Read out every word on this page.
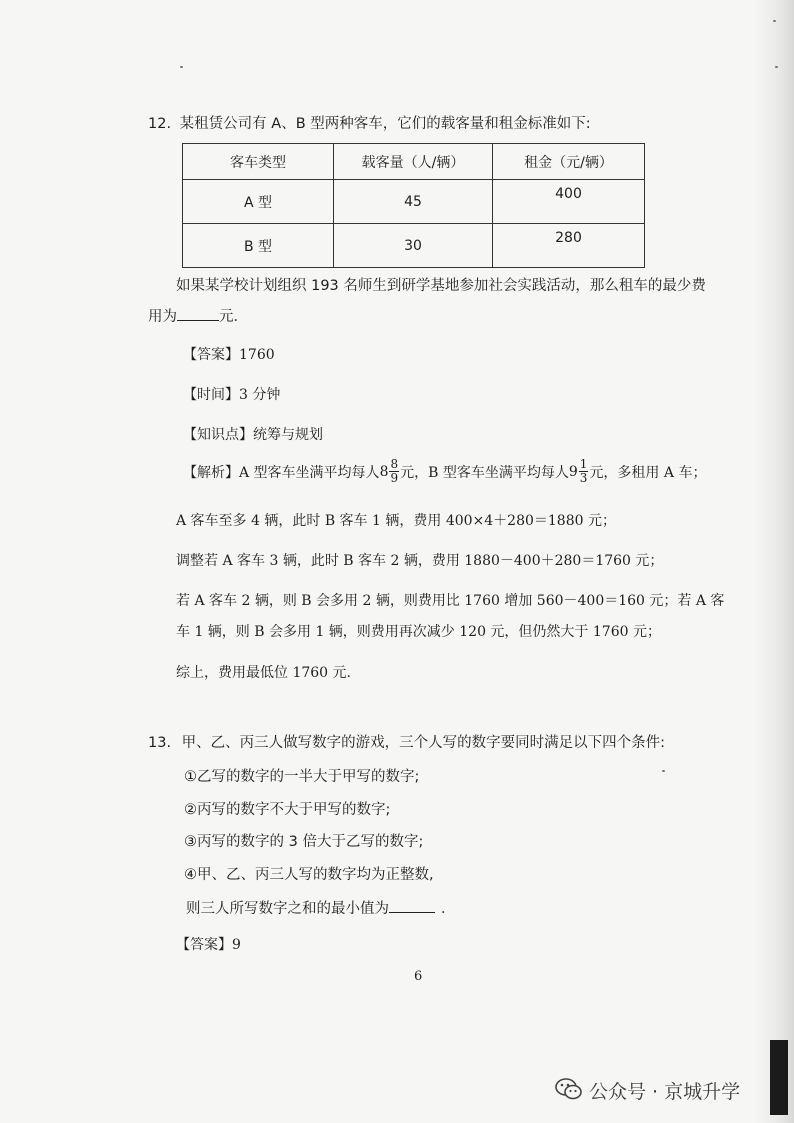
12. 某租赁公司有 A、B 型两种客车，它们的载客量和租金标准如下:
客车类型	载客量（人/辆）	租金（元/辆）
A 型	45	400
B 型	30	280
如果某学校计划组织 193 名师生到研学基地参加社会实践活动，那么租车的最少费
用为	元．
【答案】1760
【时间】3 分钟
【知识点】统筹与规划
【解析】A 型客车坐满平均每人 $8 \frac{8}{9}$ 元，B 型客车坐满平均每人 $9 \frac{1}{3}$ 元，多租用 A 车；
A 客车至多 4 辆，此时 B 客车 1 辆，费用 400×4＋280＝1880 元；
调整若 A 客车 3 辆，此时 B 客车 2 辆，费用 1880－400＋280＝1760 元；
若 A 客车 2 辆，则 B 会多用 2 辆，则费用比 1760 增加 560－400＝160 元；若 A 客
车 1 辆，则 B 会多用 1 辆，则费用再次减少 120 元，但仍然大于 1760 元；
综上，费用最低位 1760 元.
13. 甲、乙、丙三人做写数字的游戏，三个人写的数字要同时满足以下四个条件:
①乙写的数字的一半大于甲写的数字;
②丙写的数字不大于甲写的数字;
③丙写的数字的 3 倍大于乙写的数字;
④甲、乙、丙三人写的数字均为正整数,
则三人所写数字之和的最小值为	．
【答案】9
6
公众号 · 京城升学
